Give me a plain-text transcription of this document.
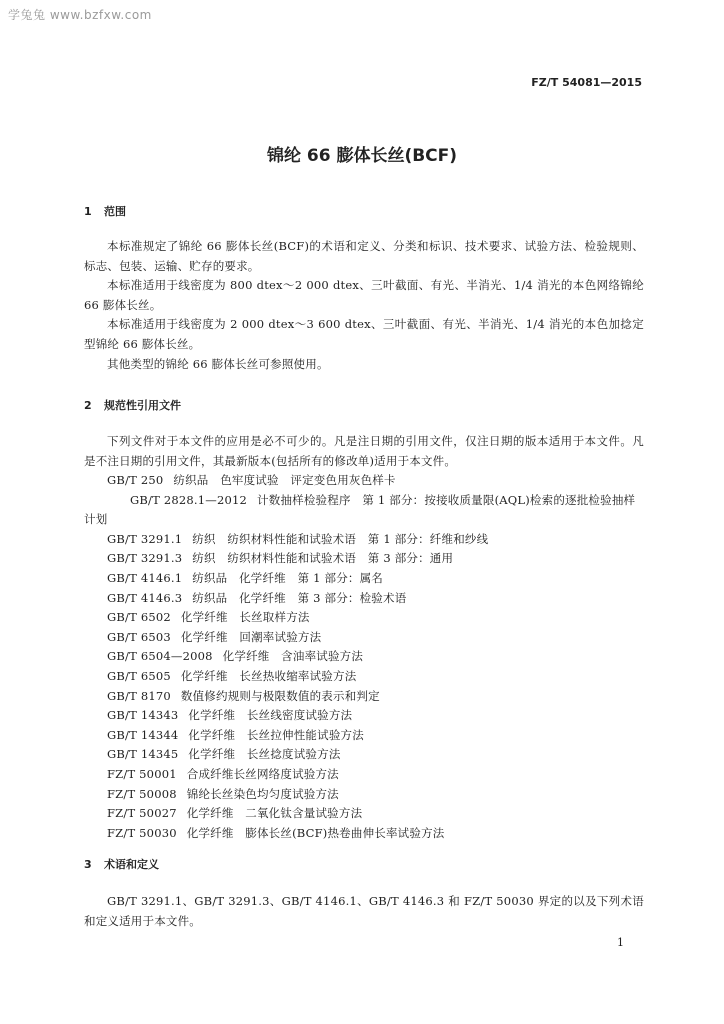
学兔兔 www.bzfxw.com
FZ/T 54081—2015
锦纶 66 膨体长丝(BCF)
1 范围

本标准规定了锦纶 66 膨体长丝(BCF)的术语和定义、分类和标识、技术要求、试验方法、检验规则、标志、包装、运输、贮存的要求。

本标准适用于线密度为 800 dtex～2 000 dtex、三叶截面、有光、半消光、1/4 消光的本色网络锦纶 66 膨体长丝。

本标准适用于线密度为 2 000 dtex～3 600 dtex、三叶截面、有光、半消光、1/4 消光的本色加捻定型锦纶 66 膨体长丝。

其他类型的锦纶 66 膨体长丝可参照使用。

2 规范性引用文件

下列文件对于本文件的应用是必不可少的。凡是注日期的引用文件，仅注日期的版本适用于本文件。凡是不注日期的引用文件，其最新版本(包括所有的修改单)适用于本文件。

GB/T 250 纺织品　色牢度试验　评定变色用灰色样卡
GB/T 2828.1—2012 计数抽样检验程序　第 1 部分：按接收质量限(AQL)检索的逐批检验抽样计划
GB/T 3291.1 纺织　纺织材料性能和试验术语　第 1 部分：纤维和纱线
GB/T 3291.3 纺织　纺织材料性能和试验术语　第 3 部分：通用
GB/T 4146.1 纺织品　化学纤维　第 1 部分：属名
GB/T 4146.3 纺织品　化学纤维　第 3 部分：检验术语
GB/T 6502 化学纤维　长丝取样方法
GB/T 6503 化学纤维　回潮率试验方法
GB/T 6504—2008 化学纤维　含油率试验方法
GB/T 6505 化学纤维　长丝热收缩率试验方法
GB/T 8170 数值修约规则与极限数值的表示和判定
GB/T 14343 化学纤维　长丝线密度试验方法
GB/T 14344 化学纤维　长丝拉伸性能试验方法
GB/T 14345 化学纤维　长丝捻度试验方法
FZ/T 50001 合成纤维长丝网络度试验方法
FZ/T 50008 锦纶长丝染色均匀度试验方法
FZ/T 50027 化学纤维　二氧化钛含量试验方法
FZ/T 50030 化学纤维　膨体长丝(BCF)热卷曲伸长率试验方法
3 术语和定义

GB/T 3291.1、GB/T 3291.3、GB/T 4146.1、GB/T 4146.3 和 FZ/T 50030 界定的以及下列术语和定义适用于本文件。

1
